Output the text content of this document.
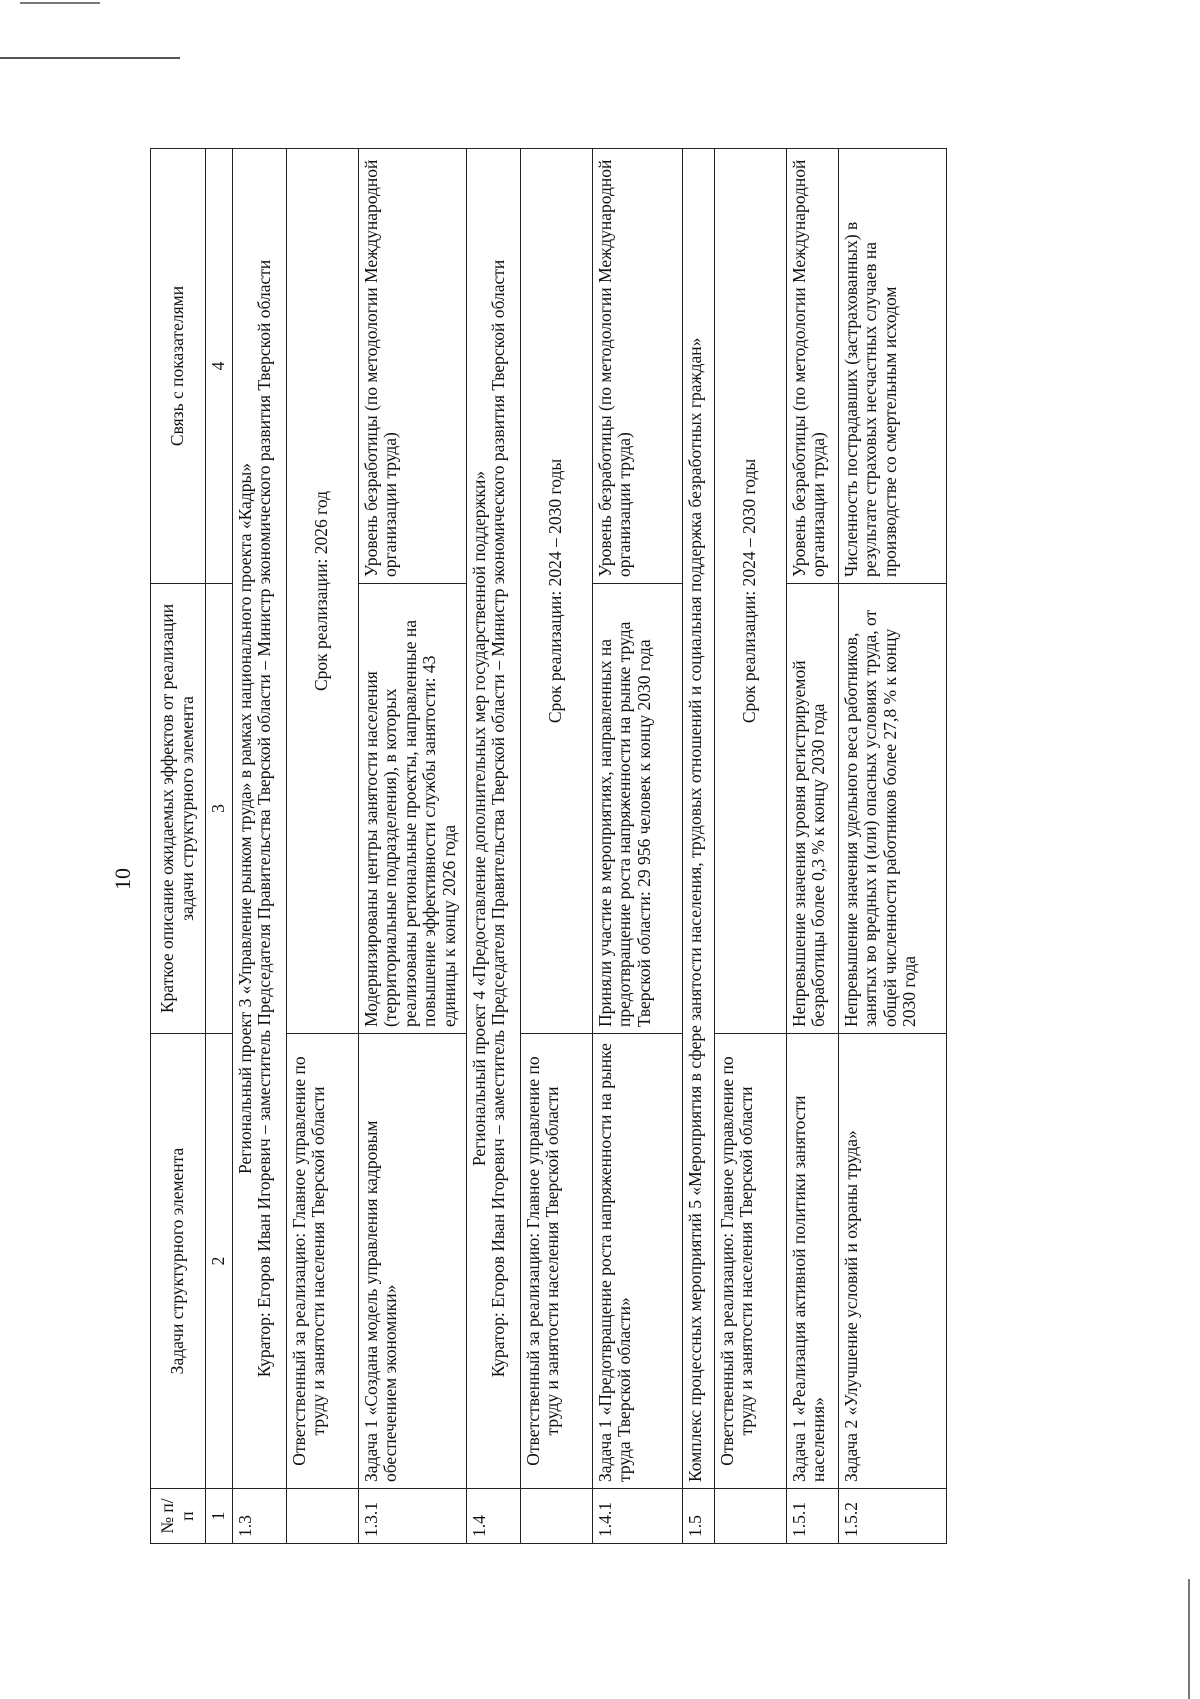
10
№ п/п	Задачи структурного элемента	Краткое описание ожидаемых эффектов от реализации задачи структурного элемента	Связь с показателями
1	2	3	4
1.3	Региональный проект 3 «Управление рынком труда» в рамках национального проекта «Кадры» Куратор: Егоров Иван Игоревич – заместитель Председателя Правительства Тверской области – Министр экономического развития Тверской области		

	Ответственный за реализацию: Главное управление по труду и занятости населения Тверской области	Срок реализации: 2026 год	
1.3.1	Задача 1 «Создана модель управления кадровым обеспечением экономики»	Модернизированы центры занятости населения (территориальные подразделения), в которых реализованы региональные проекты, направленные на повышение эффективности службы занятости: 43 единицы к концу 2026 года	Уровень безработицы (по методологии Международной организации труда)
1.4	Региональный проект 4 «Предоставление дополнительных мер государственной поддержки» Куратор: Егоров Иван Игоревич – заместитель Председателя Правительства Тверской области – Министр экономического развития Тверской области		

	Ответственный за реализацию: Главное управление по труду и занятости населения Тверской области	Срок реализации: 2024 – 2030 годы	
1.4.1	Задача 1 «Предотвращение роста напряженности на рынке труда Тверской области»	Приняли участие в мероприятиях, направленных на предотвращение роста напряженности на рынке труда Тверской области: 29 956 человек к концу 2030 года	Уровень безработицы (по методологии Международной организации труда)
1.5	Комплекс процессных мероприятий 5 «Мероприятия в сфере занятости населения, трудовых отношений и социальная поддержка безработных граждан»		
	Ответственный за реализацию: Главное управление по труду и занятости населения Тверской области	Срок реализации: 2024 – 2030 годы	
1.5.1	Задача 1 «Реализация активной политики занятости населения»	Непревышение значения уровня регистрируемой безработицы более 0,3 % к концу 2030 года	Уровень безработицы (по методологии Международной организации труда)
1.5.2	Задача 2 «Улучшение условий и охраны труда»	Непревышение значения удельного веса работников, занятых во вредных и (или) опасных условиях труда, от общей численности работников более 27,8 % к концу 2030 года	Численность пострадавших (застрахованных) в результате страховых несчастных случаев на производстве со смертельным исходом
